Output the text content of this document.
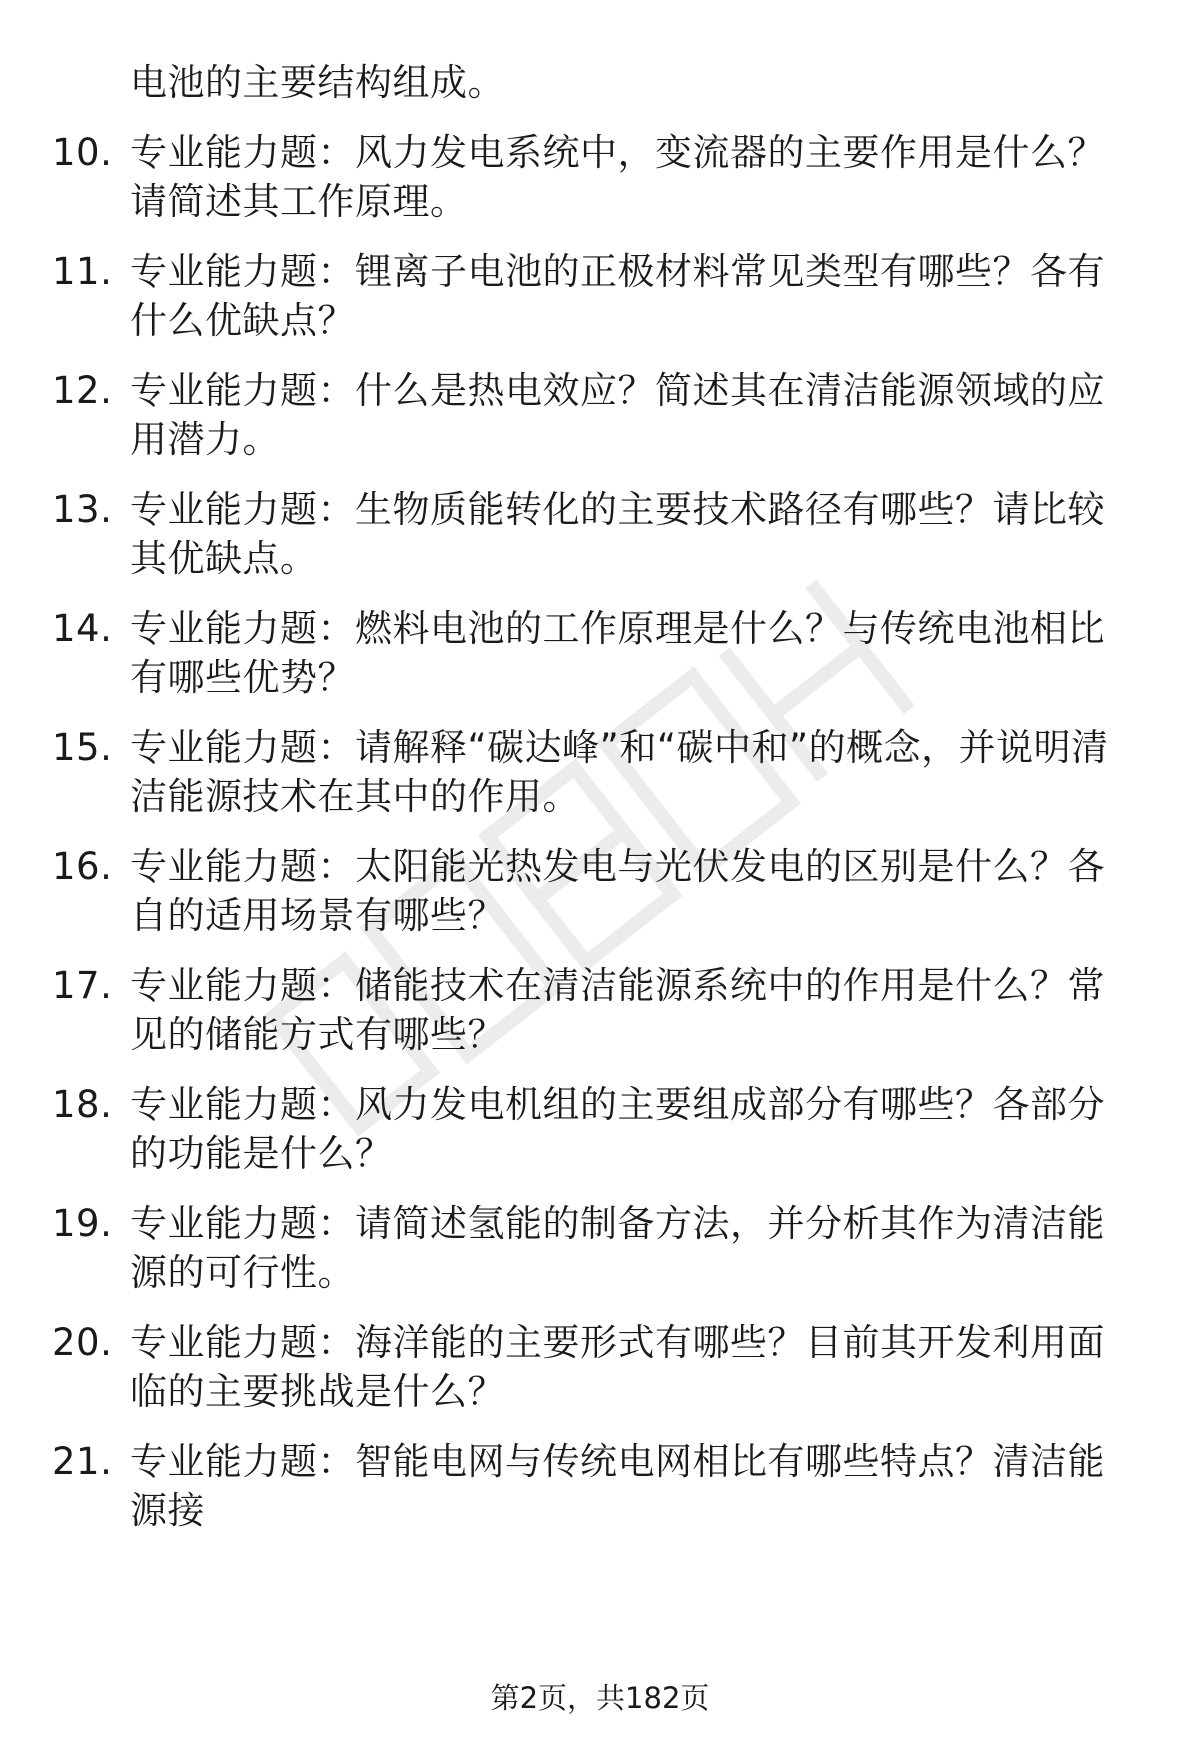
电池的主要结构组成。
10. 专业能力题：风力发电系统中，变流器的主要作用是什么？请简述其工作原理。
11. 专业能力题：锂离子电池的正极材料常见类型有哪些？各有什么优缺点？
12. 专业能力题：什么是热电效应？简述其在清洁能源领域的应用潜力。
13. 专业能力题：生物质能转化的主要技术路径有哪些？请比较其优缺点。
14. 专业能力题：燃料电池的工作原理是什么？与传统电池相比有哪些优势？
15. 专业能力题：请解释“碳达峰”和“碳中和”的概念，并说明清洁能源技术在其中的作用。
16. 专业能力题：太阳能光热发电与光伏发电的区别是什么？各自的适用场景有哪些？
17. 专业能力题：储能技术在清洁能源系统中的作用是什么？常见的储能方式有哪些？
18. 专业能力题：风力发电机组的主要组成部分有哪些？各部分的功能是什么？
19. 专业能力题：请简述氢能的制备方法，并分析其作为清洁能源的可行性。
20. 专业能力题：海洋能的主要形式有哪些？目前其开发利用面临的主要挑战是什么？
21. 专业能力题：智能电网与传统电网相比有哪些特点？清洁能源接
第2页，共182页
